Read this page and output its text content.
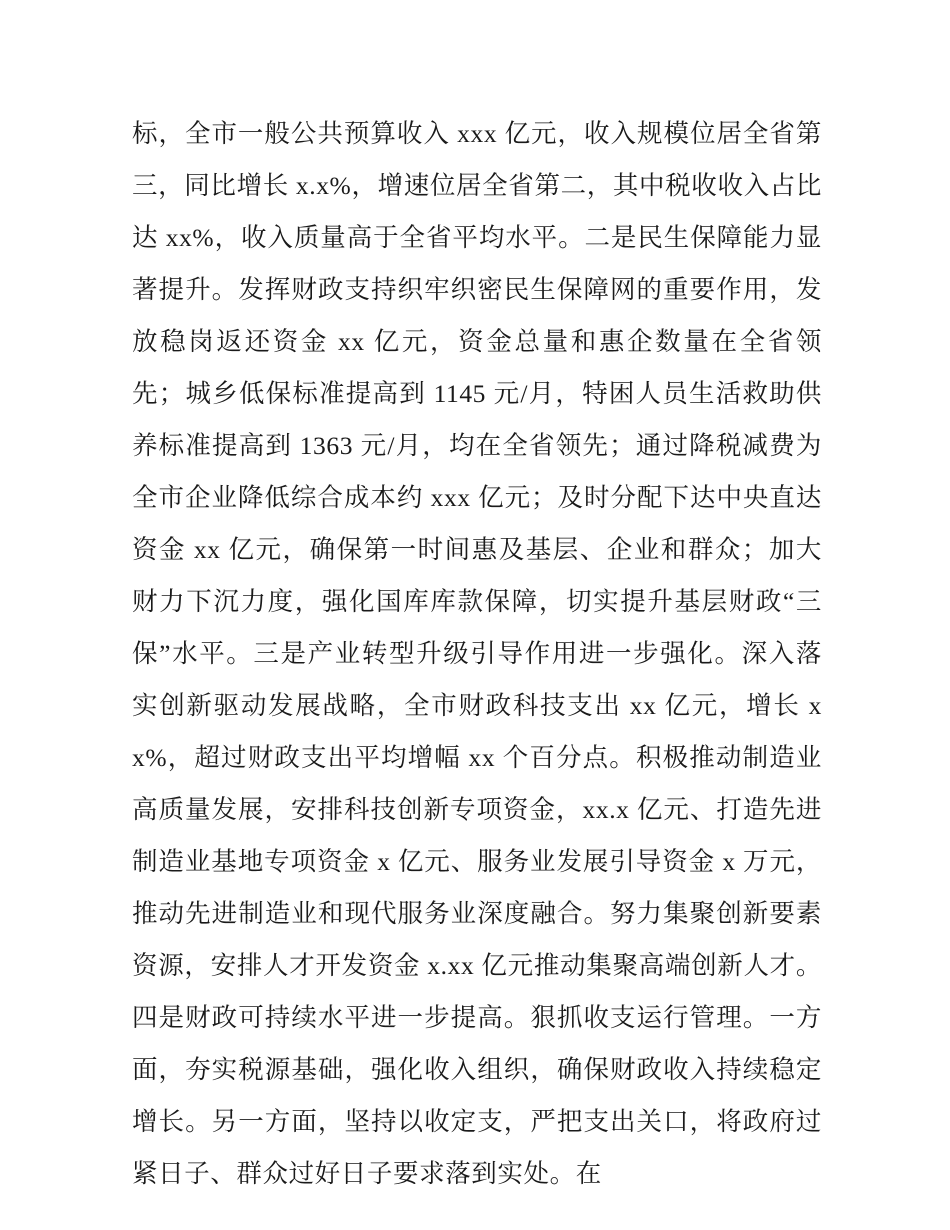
标，全市一般公共预算收入 xxx 亿元，收入规模位居全省第三，同比增长 x.x%，增速位居全省第二，其中税收收入占比达 xx%，收入质量高于全省平均水平。二是民生保障能力显著提升。发挥财政支持织牢织密民生保障网的重要作用，发放稳岗返还资金 xx 亿元，资金总量和惠企数量在全省领先；城乡低保标准提高到 1145 元/月，特困人员生活救助供养标准提高到 1363 元/月，均在全省领先；通过降税减费为全市企业降低综合成本约 xxx 亿元；及时分配下达中央直达资金 xx 亿元，确保第一时间惠及基层、企业和群众；加大财力下沉力度，强化国库库款保障，切实提升基层财政“三保”水平。三是产业转型升级引导作用进一步强化。深入落实创新驱动发展战略，全市财政科技支出 xx 亿元，增长 xx%，超过财政支出平均增幅 xx 个百分点。积极推动制造业高质量发展，安排科技创新专项资金，xx.x 亿元、打造先进制造业基地专项资金 x 亿元、服务业发展引导资金 x 万元，推动先进制造业和现代服务业深度融合。努力集聚创新要素资源，安排人才开发资金 x.xx 亿元推动集聚高端创新人才。四是财政可持续水平进一步提高。狠抓收支运行管理。一方面，夯实税源基础，强化收入组织，确保财政收入持续稳定增长。另一方面，坚持以收定支，严把支出关口，将政府过紧日子、群众过好日子要求落到实处。在
